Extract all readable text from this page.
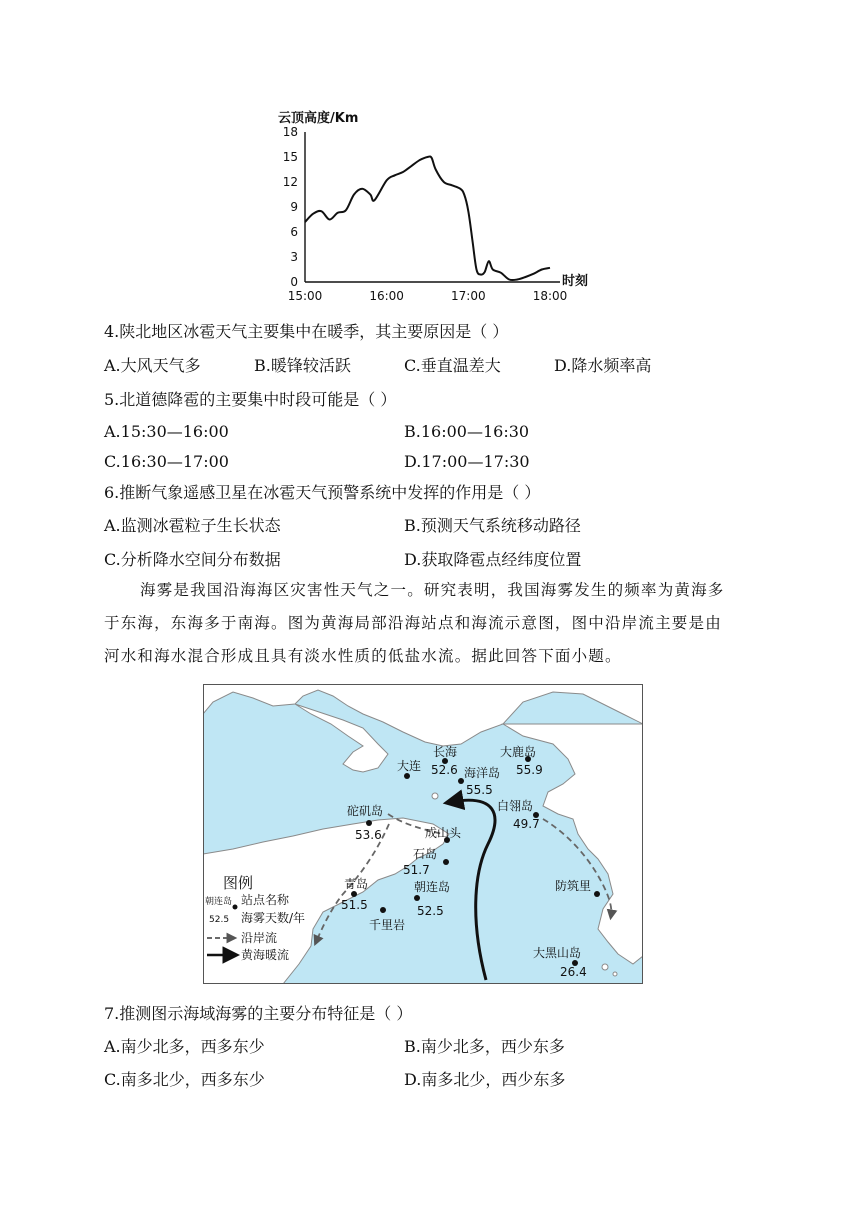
云顶高度/Km
18
15
12
9
6
3
0
15:00	16:00	17:00	18:00
时刻
4.陕北地区冰雹天气主要集中在暖季，其主要原因是（ ）
A.大风天气多	B.暖锋较活跃	C.垂直温差大	D.降水频率高
5.北道德降雹的主要集中时段可能是（ ）
A.15:30—16:00	B.16:00—16:30
C.16:30—17:00	D.17:00—17:30
6.推断气象遥感卫星在冰雹天气预警系统中发挥的作用是（ ）
A.监测冰雹粒子生长状态	B.预测天气系统移动路径
C.分析降水空间分布数据	D.获取降雹点经纬度位置
海雾是我国沿海海区灾害性天气之一。研究表明，我国海雾发生的频率为黄海多
于东海，东海多于南海。图为黄海局部沿海站点和海流示意图，图中沿岸流主要是由
河水和海水混合形成且具有淡水性质的低盐水流。据此回答下面小题。
大连
长海
52.6 海洋岛
55.5
大鹿岛
55.9
白翎岛
49.7
砣矶岛
53.6	成山头
石岛
51.7
青岛
51.5
朝连岛
52.5
千里岩
防筑里
大黑山岛
26.4
图例
朝连岛
52.5
站点名称
海雾天数/年
沿岸流
黄海暖流
7.推测图示海域海雾的主要分布特征是（ ）
A.南少北多，西多东少	B.南少北多，西少东多
C.南多北少，西多东少	D.南多北少，西少东多
